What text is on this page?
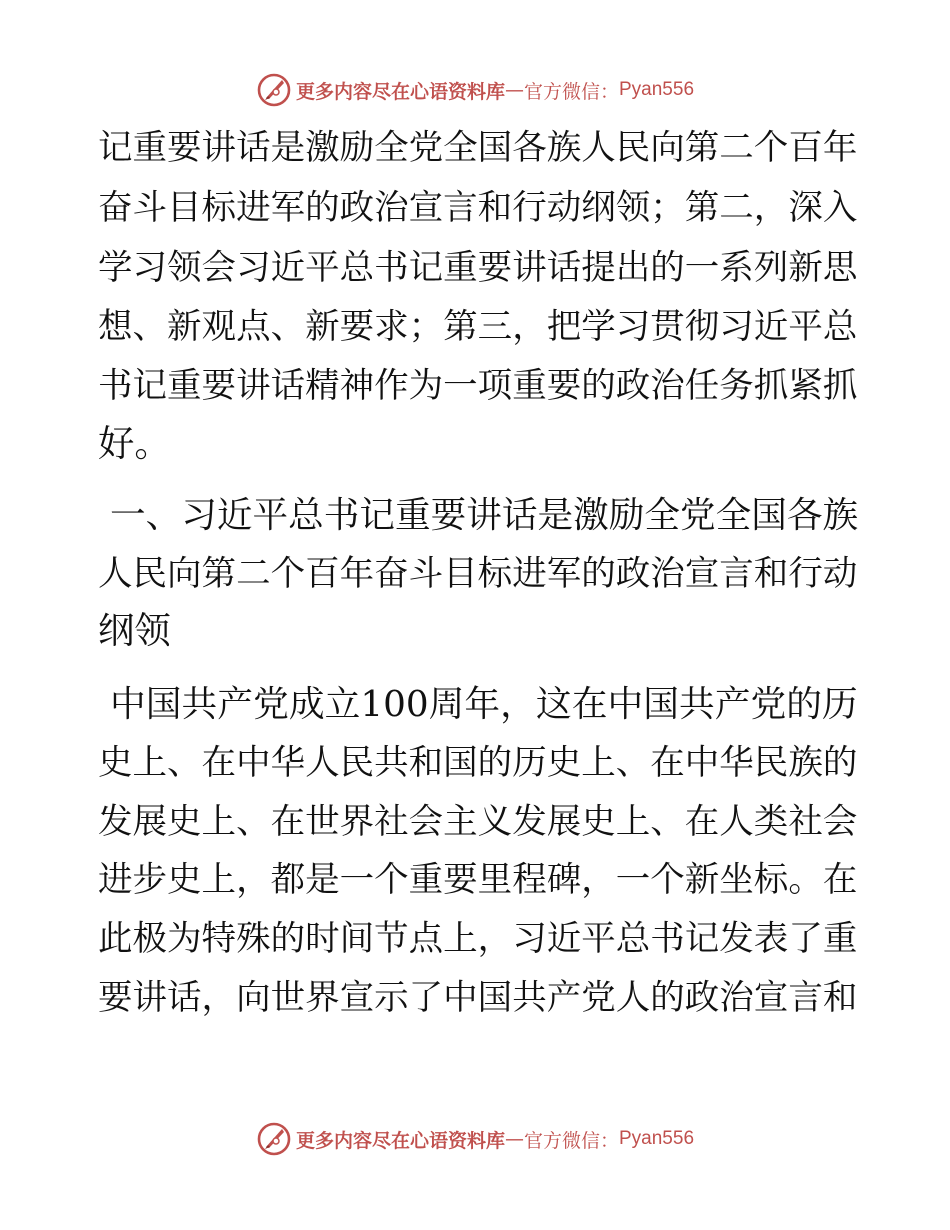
更多内容尽在心语资料库 — 官方微信： Pyan556
记重要讲话是激励全党全国各族人民向第二个百年
奋斗目标进军的政治宣言和行动纲领；第二，深入
学习领会习近平总书记重要讲话提出的一系列新思
想、新观点、新要求；第三，把学习贯彻习近平总
书记重要讲话精神作为一项重要的政治任务抓紧抓
好。
一、习近平总书记重要讲话是激励全党全国各族
人民向第二个百年奋斗目标进军的政治宣言和行动
纲领
中国共产党成立100周年，这在中国共产党的历
史上、在中华人民共和国的历史上、在中华民族的
发展史上、在世界社会主义发展史上、在人类社会
进步史上，都是一个重要里程碑，一个新坐标。在
此极为特殊的时间节点上，习近平总书记发表了重
要讲话，向世界宣示了中国共产党人的政治宣言和
更多内容尽在心语资料库 — 官方微信： Pyan556
